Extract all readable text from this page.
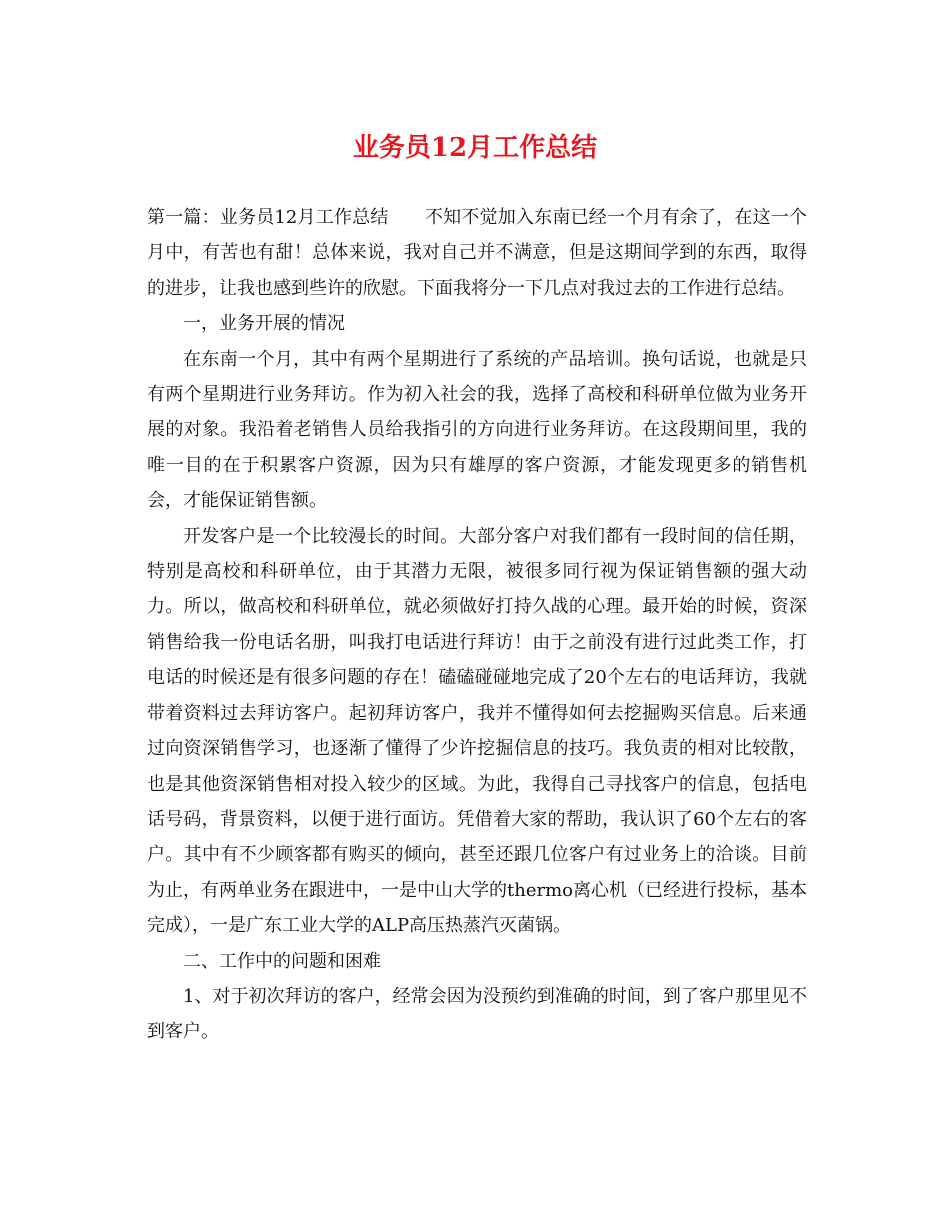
业务员12月工作总结

第一篇：业务员12月工作总结　　不知不觉加入东南已经一个月有余了，在这一个月中，有苦也有甜！总体来说，我对自己并不满意，但是这期间学到的东西，取得的进步，让我也感到些许的欣慰。下面我将分一下几点对我过去的工作进行总结。

一，业务开展的情况

在东南一个月，其中有两个星期进行了系统的产品培训。换句话说，也就是只有两个星期进行业务拜访。作为初入社会的我，选择了高校和科研单位做为业务开展的对象。我沿着老销售人员给我指引的方向进行业务拜访。在这段期间里，我的唯一目的在于积累客户资源，因为只有雄厚的客户资源，才能发现更多的销售机会，才能保证销售额。

开发客户是一个比较漫长的时间。大部分客户对我们都有一段时间的信任期，特别是高校和科研单位，由于其潜力无限，被很多同行视为保证销售额的强大动力。所以，做高校和科研单位，就必须做好打持久战的心理。最开始的时候，资深销售给我一份电话名册，叫我打电话进行拜访！由于之前没有进行过此类工作，打电话的时候还是有很多问题的存在！磕磕碰碰地完成了20个左右的电话拜访，我就带着资料过去拜访客户。起初拜访客户，我并不懂得如何去挖掘购买信息。后来通过向资深销售学习，也逐渐了懂得了少许挖掘信息的技巧。我负责的相对比较散，也是其他资深销售相对投入较少的区域。为此，我得自己寻找客户的信息，包括电话号码，背景资料，以便于进行面访。凭借着大家的帮助，我认识了60个左右的客户。其中有不少顾客都有购买的倾向，甚至还跟几位客户有过业务上的洽谈。目前为止，有两单业务在跟进中，一是中山大学的thermo离心机（已经进行投标，基本完成），一是广东工业大学的ALP高压热蒸汽灭菌锅。

二、工作中的问题和困难

1、对于初次拜访的客户，经常会因为没预约到准确的时间，到了客户那里见不到客户。
